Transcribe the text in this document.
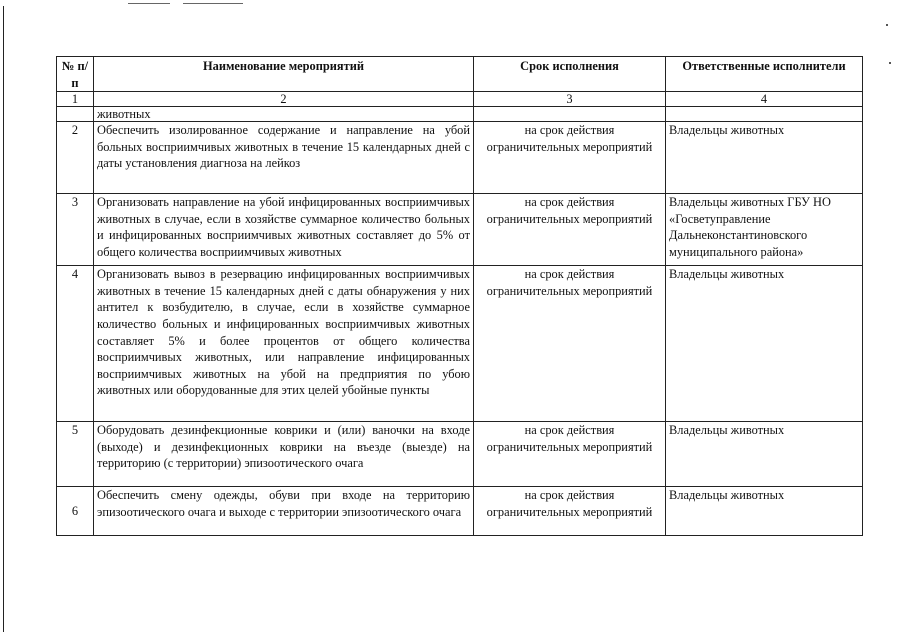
№ п/п	Наименование мероприятий	Срок исполнения	Ответственные исполнители
1	2	3	4
	животных		
2	Обеспечить изолированное содержание и направление на убой больных восприимчивых животных в течение 15 календарных дней с даты установления диагноза на лейкоз	на срок действия ограничительных мероприятий	Владельцы животных
3	Организовать направление на убой инфицированных восприимчивых животных в случае, если в хозяйстве суммарное количество больных и инфицированных восприимчивых животных составляет до 5% от общего количества восприимчивых животных	на срок действия ограничительных мероприятий	Владельцы животных ГБУ НО «Госветуправление Дальнеконстантиновского муниципального района»
4	Организовать вывоз в резервацию инфицированных восприимчивых животных в течение 15 календарных дней с даты обнаружения у них антител к возбудителю, в случае, если в хозяйстве суммарное количество больных и инфицированных восприимчивых животных составляет 5% и более процентов от общего количества восприимчивых животных, или направление инфицированных восприимчивых животных на убой на предприятия по убою животных или оборудованные для этих целей убойные пункты	на срок действия ограничительных мероприятий	Владельцы животных
5	Оборудовать дезинфекционные коврики и (или) ваночки на входе (выходе) и дезинфекционных коврики на въезде (выезде) на территорию (с территории) эпизоотического очага	на срок действия ограничительных мероприятий	Владельцы животных
6	Обеспечить смену одежды, обуви при входе на территорию эпизоотического очага и выходе с территории эпизоотического очага	на срок действия ограничительных мероприятий	Владельцы животных
